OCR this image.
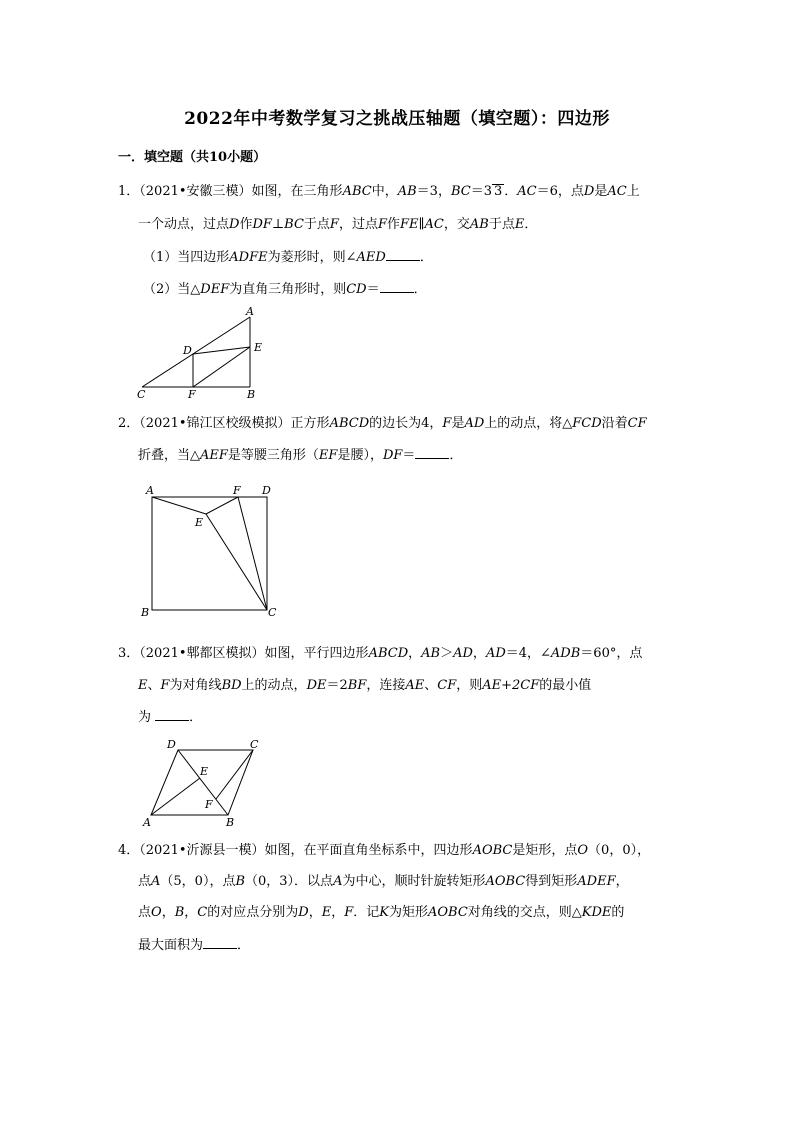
2022年中考数学复习之挑战压轴题（填空题）：四边形
一．填空题（共10小题）
1．（2021•安徽三模）如图，在三角形ABC中，AB＝3，BC＝3 3 ．AC＝6，点D是AC上
一个动点，过点D作DF⊥BC于点F，过点F作FE∥AC，交AB于点E．
（1）当四边形ADFE为菱形时，则∠AED	．
（2）当△DEF为直角三角形时，则CD＝	．
A
D	E
C	F	B
2．（2021•锦江区校级模拟）正方形ABCD的边长为4，F是AD上的动点，将△FCD沿着CF
折叠，当△AEF是等腰三角形（EF是腰），DF＝	．
A	F D
E
B	C
3．（2021•郫都区模拟）如图，平行四边形ABCD，AB＞AD，AD＝4，∠ADB＝60°，点
E、F为对角线BD上的动点，DE＝2BF，连接AE、CF，则AE+2CF的最小值
为	．
D	C
E
F
A	B
4．（2021•沂源县一模）如图，在平面直角坐标系中，四边形AOBC是矩形，点O（0，0），
点A（5，0），点B（0，3）．以点A为中心，顺时针旋转矩形AOBC得到矩形ADEF，
点O，B，C的对应点分别为D，E，F．记K为矩形AOBC对角线的交点，则△KDE的
最大面积为	．
